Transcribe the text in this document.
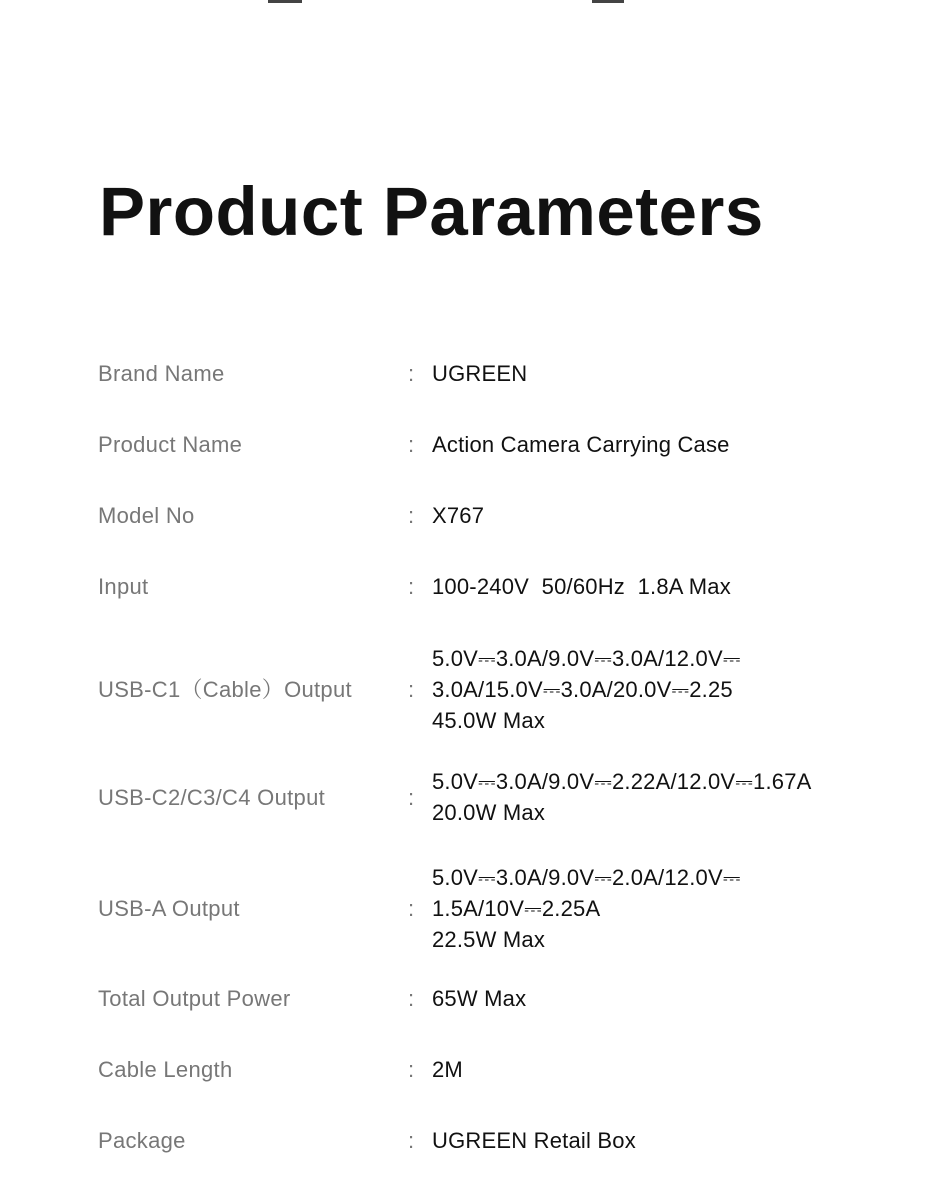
Product Parameters
Brand Name	: UGREEN
Product Name	: Action Camera Carrying Case
Model No	: X767
Input	: 100-240V  50/60Hz  1.8A Max
USB-C1（Cable）Output	:
5.0V⎓3.0A/9.0V⎓3.0A/12.0V⎓
3.0A/15.0V⎓3.0A/20.0V⎓2.25
45.0W Max
USB-C2/C3/C4 Output	:
5.0V⎓3.0A/9.0V⎓2.22A/12.0V⎓1.67A
20.0W Max
USB-A Output	:
5.0V⎓3.0A/9.0V⎓2.0A/12.0V⎓
1.5A/10V⎓2.25A
22.5W Max
Total Output Power	: 65W Max
Cable Length	: 2M
Package	: UGREEN Retail Box
